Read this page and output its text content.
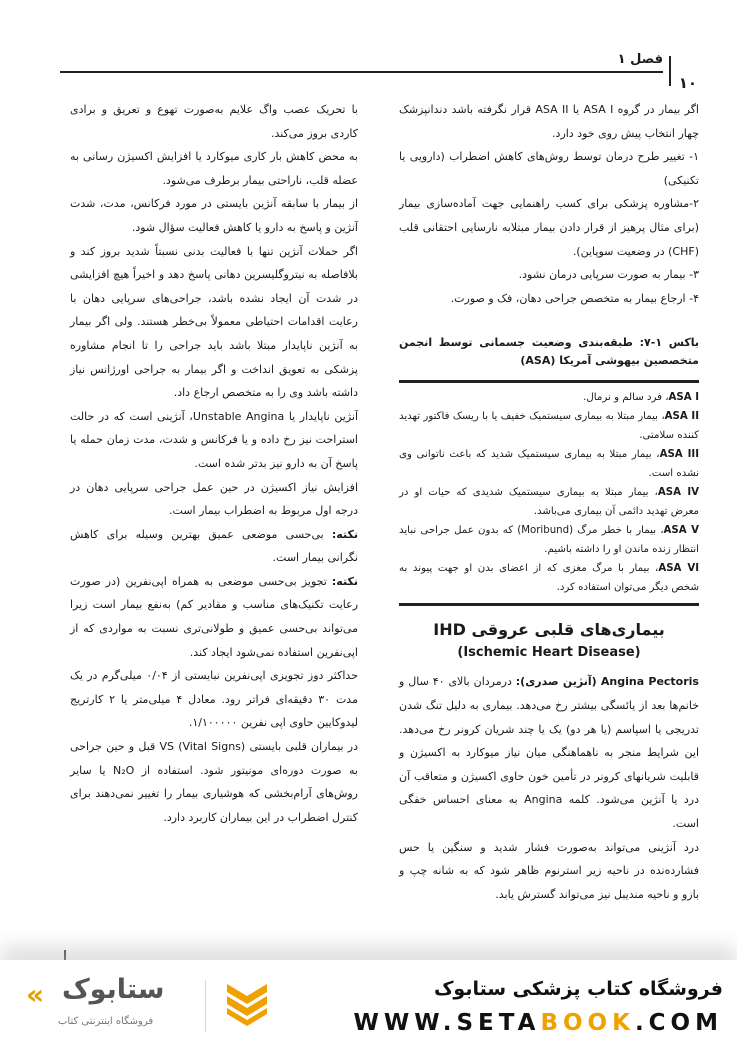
فصل ۱
۱۰

اگر بیمار در گروه ASA I یا ASA II قرار نگرفته باشد دندانپزشک چهار انتخاب پیش روی خود دارد.

۱- تغییر طرح درمان توسط روش‌های کاهش اضطراب (دارویی یا تکنیکی)

۲-مشاوره پزشکی برای کسب راهنمایی جهت آماده‌سازی بیمار (برای مثال پرهیز از قرار دادن بیمار مبتلابه نارسایی احتقانی قلب (CHF) در وضعیت سوپاین).

۳- بیمار به صورت سرپایی درمان نشود.

۴- ارجاع بیمار به متخصص جراحی دهان، فک و صورت.

باکس ۱-۷: طبقه‌بندی وضعیت جسمانی توسط انجمن متخصصین بیهوشی آمریکا (ASA)

ASA I، فرد سالم و نرمال.

ASA II، بیمار مبتلا به بیماری سیستمیک خفیف یا با ریسک فاکتور تهدید کننده سلامتی.

ASA III، بیمار مبتلا به بیماری سیستمیک شدید که باعث ناتوانی وی نشده است.

ASA IV، بیمار مبتلا به بیماری سیستمیک شدیدی که حیات او در معرض تهدید دائمی آن بیماری می‌باشد.

ASA V، بیمار با خطر مرگ (Moribund) که بدون عمل جراحی نباید انتظار زنده ماندن او را داشته باشیم.

ASA VI، بیمار با مرگ مغزی که از اعضای بدن او جهت پیوند به شخص دیگر می‌توان استفاده کرد.

بیماری‌های قلبی عروقی IHD
(Ischemic Heart Disease)

Angina Pectoris (آنژین صدری): درمردان بالای ۴۰ سال و خانم‌ها بعد از یائسگی بیشتر رخ می‌دهد. بیماری به دلیل تنگ شدن تدریجی یا اسپاسم (یا هر دو) یک یا چند شریان کرونر رخ می‌دهد. این شرایط منجر به ناهماهنگی میان نیاز میوکارد به اکسیژن و قابلیت شریانهای کرونر در تأمین خون حاوی اکسیژن و متعاقب آن درد یا آنژین می‌شود. کلمه Angina به معنای احساس خفگی است.

درد آنژینی می‌تواند به‌صورت فشار شدید و سنگین یا حس فشارده‌نده در ناحیه زیر استرنوم ظاهر شود که به شانه چپ و بازو و ناحیه مندیبل نیز می‌تواند گسترش یابد.

با تحریک عصب واگ علایم به‌صورت تهوع و تعریق و برادی کاردی بروز می‌کند.

به محض کاهش بار کاری میوکارد یا افزایش اکسیژن رسانی به عضله قلب، ناراحتی بیمار برطرف می‌شود.

از بیمار با سابقه آنژین بایستی در مورد فرکانس، مدت، شدت آنژین و پاسخ به دارو یا کاهش فعالیت سؤال شود.

اگر حملات آنژین تنها با فعالیت بدنی نسبتاً شدید بروز کند و بلافاصله به نیتروگلیسرین دهانی پاسخ دهد و اخیراً هیچ افزایشی در شدت آن ایجاد نشده باشد، جراحی‌های سرپایی دهان با رعایت اقدامات احتیاطی معمولاً بی‌خطر هستند. ولی اگر بیمار به آنژین ناپایدار مبتلا باشد باید جراحی را تا انجام مشاوره پزشکی به تعویق انداخت و اگر بیمار به جراحی اورژانس نیاز داشته باشد وی را به متخصص ارجاع داد.

آنژین ناپایدار یا Unstable Angina، آنژینی است که در حالت استراحت نیز رخ داده و یا فرکانس و شدت، مدت زمان حمله یا پاسخ آن به دارو نیز بدتر شده است.

افزایش نیاز اکسیژن در حین عمل جراحی سرپایی دهان در درجه اول مربوط به اضطراب بیمار است.

نکته: بی‌حسی موضعی عمیق بهترین وسیله برای کاهش نگرانی بیمار است.

نکته: تجویز بی‌حسی موضعی به همراه اپی‌نفرین (در صورت رعایت تکنیک‌های مناسب و مقادیر کم) به‌نفع بیمار است زیرا می‌تواند بی‌حسی عمیق و طولانی‌تری نسبت به مواردی که از اپی‌نفرین استفاده نمی‌شود ایجاد کند.

حداکثر دوز تجویزی اپی‌نفرین نبایستی از ۰/۰۴ میلی‌گرم در یک مدت ۳۰ دقیقه‌ای فراتر رود. معادل ۴ میلی‌متر یا ۲ کارتریج لیدوکایین حاوی اپی نفرین ۱/۱۰۰۰۰۰.

در بیماران قلبی بایستی VS (Vital Signs) قبل و حین جراحی به صورت دوره‌ای مونیتور شود. استفاده از N₂O یا سایر روش‌های آرام‌بخشی که هوشیاری بیمار را تغییر نمی‌دهند برای کنترل اضطراب در این بیماران کاربرد دارد.

فروشگاه کتاب پزشکی ستابوک
WWW.SETABOOK.COM
ستابوک
«
فروشگاه اینترنتی کتاب
